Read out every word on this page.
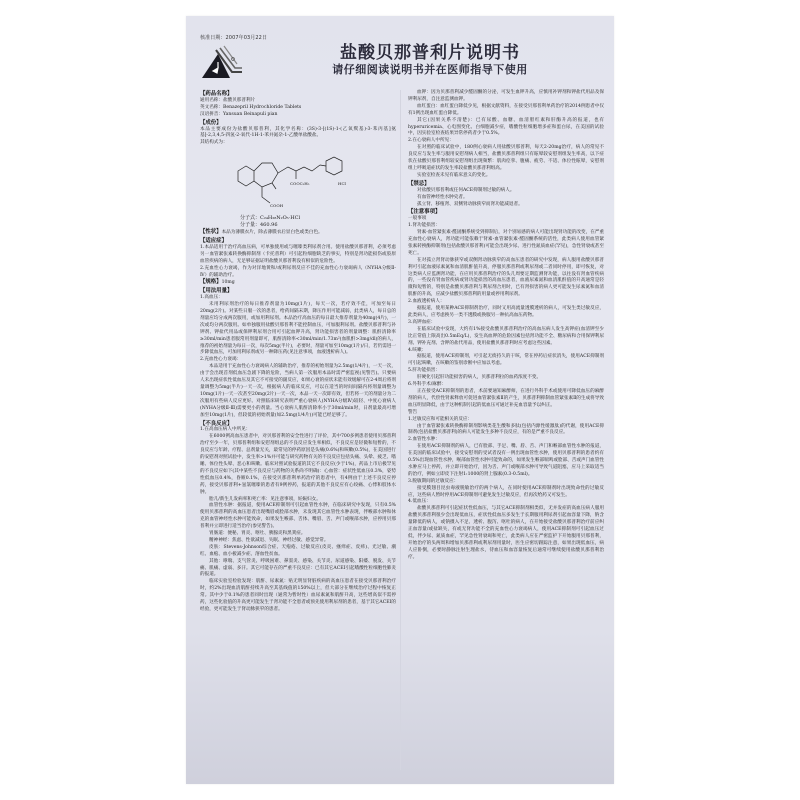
核准日期：2007年03月22日
盐酸贝那普利片说明书
请仔细阅读说明书并在医师指导下使用
【药品名称】

通用名称：盐酸贝那普利片

英文名称：Benazepril Hydrochloride Tablets

汉语拼音：Yansuan Beinapuli pian

【成份】

本品主要成份为盐酸贝那普利，其化学名称：(3S)-3-[(1S)-1-(乙氧羰基)-3-苯丙基]氨基]-2,3,4,5-四氢-2-氧代-1H-1-苯并氮杂-1-乙酸单盐酸盐。

其结构式为：

COOC₂H₅	HCl
COOH
分子式：C₂₄H₂₈N₂O₅·HCl
分子量：460.96

【性状】本品为薄膜衣片，除去薄膜衣后显白色或类白色。

【适应症】

1.本品适用于治疗高血压病，可单独使用或与噻嗪类利尿剂合用。使用盐酸贝那普利，必须考虑另一血管紧张素转换酶抑制剂（卡托普利）可引起粒细胞缺乏的事实，特别是肾功能损伤或胶原血管疾病的病人，无足够证据证明盐酸贝那普利没有相似的危险性。

2.充血性心力衰竭，作为对洋地黄和/或利尿剂反应不佳的充血性心力衰竭病人（NYHA分级Ⅱ-Ⅳ）的辅助治疗。

【规格】10mg

【用法用量】

1.高血压：

未用利尿剂治疗的每日推荐剂量为10mg(1片)，每天一次，若疗效不佳，可加至每日20mg(2片)。对某些日服一次的患者，给药间隔末期，降压作用可能减弱，此类病人，每日总的剂量应均分成两次服用，或加用利尿剂。本品治疗高血压的每日最大推荐剂量为40mg(4片)，一次或均分两次服用。如单独服用盐酸贝那普利不能控制血压，可加服利尿剂。盐酸贝那普利与补钾剂、钾盐代用品或保钾利尿剂合用可引起血钾升高，肾功能损害者的剂量调整：肌酐清除率≥30ml/min患者服常用剂量即可，肌酐清除率<30ml/min/1.73m²(血肌酐>3mg/dl)的病人，推荐的初始剂量为每日一次，每次5mg(半片)，必要时，剂量可加至10mg(1片)/日，若仍需进一步降低血压，可加用利尿剂或另一种降压药(见注意事项，血液透析病人)。

2.充血性心力衰竭：

本品适用于充血性心力衰竭病人的辅助治疗，推荐的初始剂量为2.5mg(1/4片)，一天一次，由于会出现首剂低血压急剧下降的危险，当病人第一次服用本品时需严密监视(见警告)。只要病人未出现症状性低血压及其它不可接受的副反应，如果心衰的症状未能有效缓解可在2-4周后将剂量调整为5mg(半片)一天一次，根据病人的临床反应，可以在适当的时间间隔内将剂量调整为10mg(1片)一天一次甚至20mg(2片)一天一次，本品一天一次即有效，但若将一天的剂量分为二次服用有些病人反应更好。对照临床研究表明严重心衰病人(NYHA分级Ⅳ)较轻、中度心衰病人(NYHA分级Ⅱ-Ⅲ)需要更小的剂量。当心衰病人肌酐清除率小于30ml/min时，日剂量最高可增加至10mg(1片)，但较低的初始剂量(如2.5mg(1/4片))可能已经足够了。

【不良反应】

1.在高血压病人中所见：

在6000例高血压患者中，对贝那普利的安全性进行了评价，其中700多例患者使用贝那普利治疗至少一年，贝那普利组和安慰剂组总的不良反应发生率相似，不良反应是轻微和短暂的，不良反应与年龄、疗程、总剂量无关，最常见的停药原因是头痛(0.6%)和咳嗽(0.5%)，在美国进行的安慰剂对照试验中，发生率>1%并可能与研究药物有关的不良反应包括头痛、头晕、疲乏、嗜睡、体位性头晕、恶心和咳嗽。临床对照试验报道的其它不良反应(少于1%)，药品上市后极罕见的不良反应如下(其中某些不良反应与药物的关系尚不明确)：心血管：症状性低血压0.3%，姿势性低血压0.4%，昏厥0.1%，在接受贝那普利单药治疗的患者中，有4例由于上述不良反应停药，接受贝那普利+氢氯噻嗪的患者有9例停药，报道的其他不良反应有心绞痛、心悸和肢体水肿。

胎儿/新生儿发病率和死亡率：见注意事项，妊娠妇女。

血管性水肿：据报道，使用ACE抑制剂可引起血管性水肿，在临床研究中发现，只有0.5%使用贝那普利的高血压患者出现嘴唇或脸部水肿，未发现其它血管性水肿表现，伴喉部水肿和休克的血管神经性水肿可能致命，如果发生喉部、舌体、嘴唇、舌、声门或喉部水肿，应停用贝那普利并立即进行适当治疗(参见警告)。

胃肠道：便秘、胃炎、呕吐、胰腺炎和黑粪症。

精神神经：焦虑、性欲减退、失眠、神经过敏、感觉异常。

皮肤：Stevens-Johnson综合症、天疱疮、过敏反应(皮炎、瘙痒症、皮疹)、光过敏、潮红、血疱、血小板减少症、溶血性贫血。

其他：哮喘、支气管炎、呼吸困难、鼻窦炎、感染、关节炎、尿道感染、阳痿、脱发、关节痛、肌痛、虚弱、多汗。其它可能存在的严重不良反应：已有其它ACEI引起嗜酸性粒细胞性肺炎的报道。

临床实验室检验发现：肌酐、尿素氮：贴无明显肾脏疾病的高血压患者在接受贝那普利治疗时，约2%出现血清肌酐持续升高至其基线值的150%以上，但大部分在继续治疗过程中恢复正常。其中少于0.1%的患者同时出现（通常为暂时性）血尿素氮和肌酐升高，这些增高似不需停药，这些化验值的升高更可能发生于肾功能不全患者或预先使用利尿剂的患者，基于其它ACEI的经验，更可能发生于肾动脉狭窄的患者。

血钾：因为贝那普利减少醛固酮的分泌，可发生血钾升高，应慎用补钾剂和钾盐代用品及保钾利尿剂，自注意监测血钾。

血红蛋白：血红蛋白降低少见，根据文献资料，在接受贝那普利单药治疗的2014例患者中仅有1例出现血红蛋白降低。

其它(因果关系不清楚)：已有尿酸、血糖、血清胆红素和肝酶升高的报道，也有hyperuricemia、心电图变化、白细胞减少症，嗜酸性粒细胞增多症和蛋白尿，在美国的试验中，因实验室检查结果异常停药者少于0.5%。

2.在心衰病人中所见：

在对照的临床试验中，180例心衰病人用盐酸贝那普利，每天2-20mg治疗，病人的常见不良反应与发生率与服用安慰剂病人相当，盐酸贝那普利组只有眩晕较安慰剂组发生率高，以下症状在盐酸贝那普利组较安慰剂组出现频繁：肌肉痉挛、腹痛、疲劳、不适、体位性眩晕，安慰剂组上呼吸道症状的发生率较盐酸贝那普利组高。

实验室检查未见有临床意义的变化。

【禁忌】

对盐酸贝那普利或任何ACE抑制剂过敏的病人。

有血管神经性水肿史者。

孤立肾、移植肾、双侧肾动脉狭窄而肾功能减退者。

【注意事项】

一般事项

1.肾功能损害：

肾素-血管紧张素-醛固酮系统受到抑制后，对个别易感的病人可能出现肾功能的改变，在严重充血性心衰病人，肾功能可能依赖于肾素-血管紧张素-醛固酮系统的活性，此类病人使用血管紧张素转换酶抑制剂(包括盐酸贝那普利)可能会出现少尿、进行性氮质血症(罕见)，急性肾衰或甚至死亡。

在对孤立肾肾动脉狭窄或双侧肾动脉狭窄的高血压患者的研究中发现，病人服用盐酸贝那普利可引起血液尿素氮和血清肌酐值升高，停服贝那普利或利尿剂或二者同时停用，即可恢复，对这类病人应监测肾功能，在应用贝那普利治疗的头几周要定期监测肾功能，以往没有肾血管疾病的，一些没有肾血管疾病或肾功能损害的高血压患者，血液尿素氮和血清肌酐值的升高通常是轻微和短暂的，特别是盐酸贝那普利与利尿剂合用时，已有肾损害的病人更可能发生尿素氮和血清肌酐的升高，应减少盐酸贝那普利的用量或停用利尿剂。

2.血液透析病人：

据报道，使用某种ACE抑制剂治疗，同时又用高流量透膜透析的病人，可发生类过敏反应，此类病人，应考虑换另一类不透膜或换服另一种抗高血压药物。

3.高钾血症：

在临床试验中发现，大约有1%接受盐酸贝那普利治疗的高血压病人发生高钾症(血清钾至少比正常值上限高出0.5mEq/L)，发生高血钾的危险因素包括肾功能不全、糖尿病和合用保钾利尿剂、钾补充剂、含钾的盐代用品，使用盐酸贝那普利时应考虑这些因素。

4.咳嗽：

据报道，使用ACE抑制剂，可引起无痰持久的干咳，常在停药后症状消失，使用ACE抑制剂可引起咳嗽，在咳嗽的鉴别诊断中应加以考虑。

5.肝功能损害：

肝硬化引起肝功能损害的病人，贝那普利拉的血药浓度不变。

6.外科手术/麻醉：

正在接受ACE抑制剂的患者，术前要通知麻醉师，在进行外科手术或使用可降低血压的麻醉剂的病人，代偿性肾素释放可促进血管紧张素Ⅱ的产生，贝那普利抑制血管紧张素Ⅱ的生成将导致血压明显降低，由于这种机制引起的低血压可通过补充血容量予以纠正。

警告

1.过敏反应和可能相关的反应：

由于血管紧张素转换酶抑制剂影响类花生酸和多肽(包括内源性缓激肽)的代谢，使用ACE抑制剂(包括盐酸贝那普利)的病人可能发生多种不良反应，有的是严重不良反应。

2.血管性水肿：

在使用ACE抑制剂的病人，已有脸部、手足、嘴、唇、舌、声门和喉部血管性水肿的报道，在美国的临床试验中，接受安慰剂的受试者没有一例出现血管性水肿，使用贝那普利的患者约有0.5%出现血管性水肿，喉部血管性水肿可能致命的，如果发生喉部喘鸣或脸部、舌或声门血管性水肿应马上停药，并立即开始治疗，因为舌、声门或喉部水肿可导致气道阻塞，应马上采取适当的治疗，例如立即皮下注射1:1000的肾上腺素(0.3-0.5ml)。

3.脱敏期间的过敏反应：

接受膜翅目昆虫毒液脱敏治疗的两个病人，在同时使用ACE抑制剂时出现致命性的过敏反应，这些病人暂时停用ACE抑制剂可避免发生过敏反应，但再次给药又可发生。

4.低血压：

盐酸贝那普利可引起症状性低血压，与其它ACE抑制剂相类似，无并发症的高血压病人服用盐酸贝那普利很少会出现低血压，症状性低血压多发生于长期服用利尿剂引起血容量下降，钠含量降低的病人，或钠摄入不足、透析、腹泻、呕吐的病人，在开始接受盐酸贝那普利治疗前应纠正血容量/或盐缺失，有或无肾功能不全的充血性心力衰竭病人，使用ACE抑制剂可引起血压过低，伴少尿、氮质血症，罕见急性肾衰竭和死亡，此类病人应在严密监护下开始服用贝那普利，开始治疗的头两周和增加贝那普利或利尿剂用量时，医生应密切跟踪注意，如果出现低血压，病人应卧倒，必要时静脉注射生理盐水，待血压和血容量恢复后通常可继续使用盐酸贝那普利治疗。
